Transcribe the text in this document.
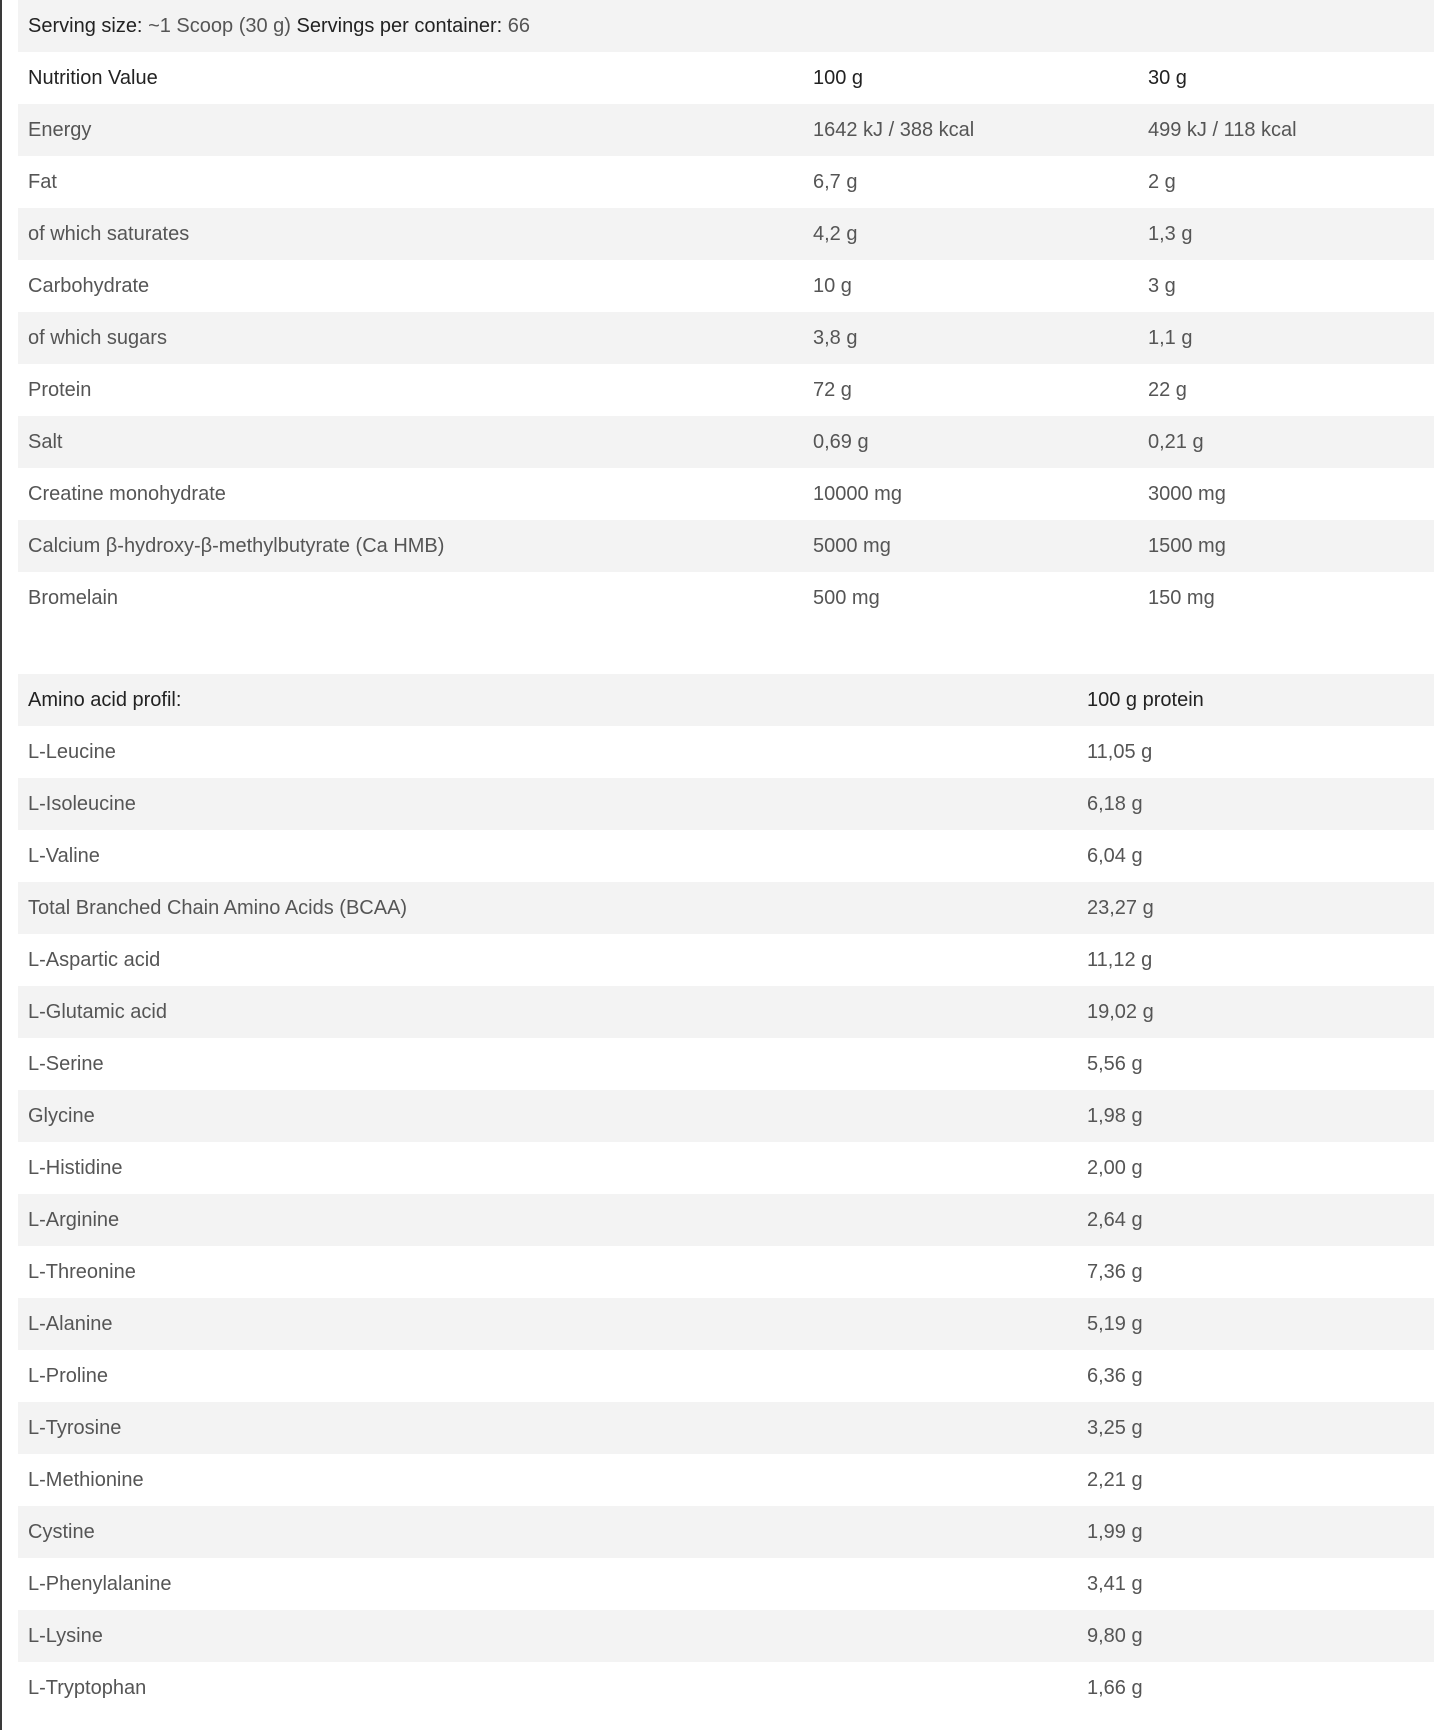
Serving size: ~1 Scoop (30 g) Servings per container: 66
Nutrition Value	100 g	30 g
Energy	1642 kJ / 388 kcal	499 kJ / 118 kcal
Fat	6,7 g	2 g
of which saturates	4,2 g	1,3 g
Carbohydrate	10 g	3 g
of which sugars	3,8 g	1,1 g
Protein	72 g	22 g
Salt	0,69 g	0,21 g
Creatine monohydrate	10000 mg	3000 mg
Calcium β-hydroxy-β-methylbutyrate (Ca HMB)	5000 mg	1500 mg
Bromelain	500 mg	150 mg
Amino acid profil:	100 g protein
L-Leucine	11,05 g
L-Isoleucine	6,18 g
L-Valine	6,04 g
Total Branched Chain Amino Acids (BCAA)	23,27 g
L-Aspartic acid	11,12 g
L-Glutamic acid	19,02 g
L-Serine	5,56 g
Glycine	1,98 g
L-Histidine	2,00 g
L-Arginine	2,64 g
L-Threonine	7,36 g
L-Alanine	5,19 g
L-Proline	6,36 g
L-Tyrosine	3,25 g
L-Methionine	2,21 g
Cystine	1,99 g
L-Phenylalanine	3,41 g
L-Lysine	9,80 g
L-Tryptophan	1,66 g
